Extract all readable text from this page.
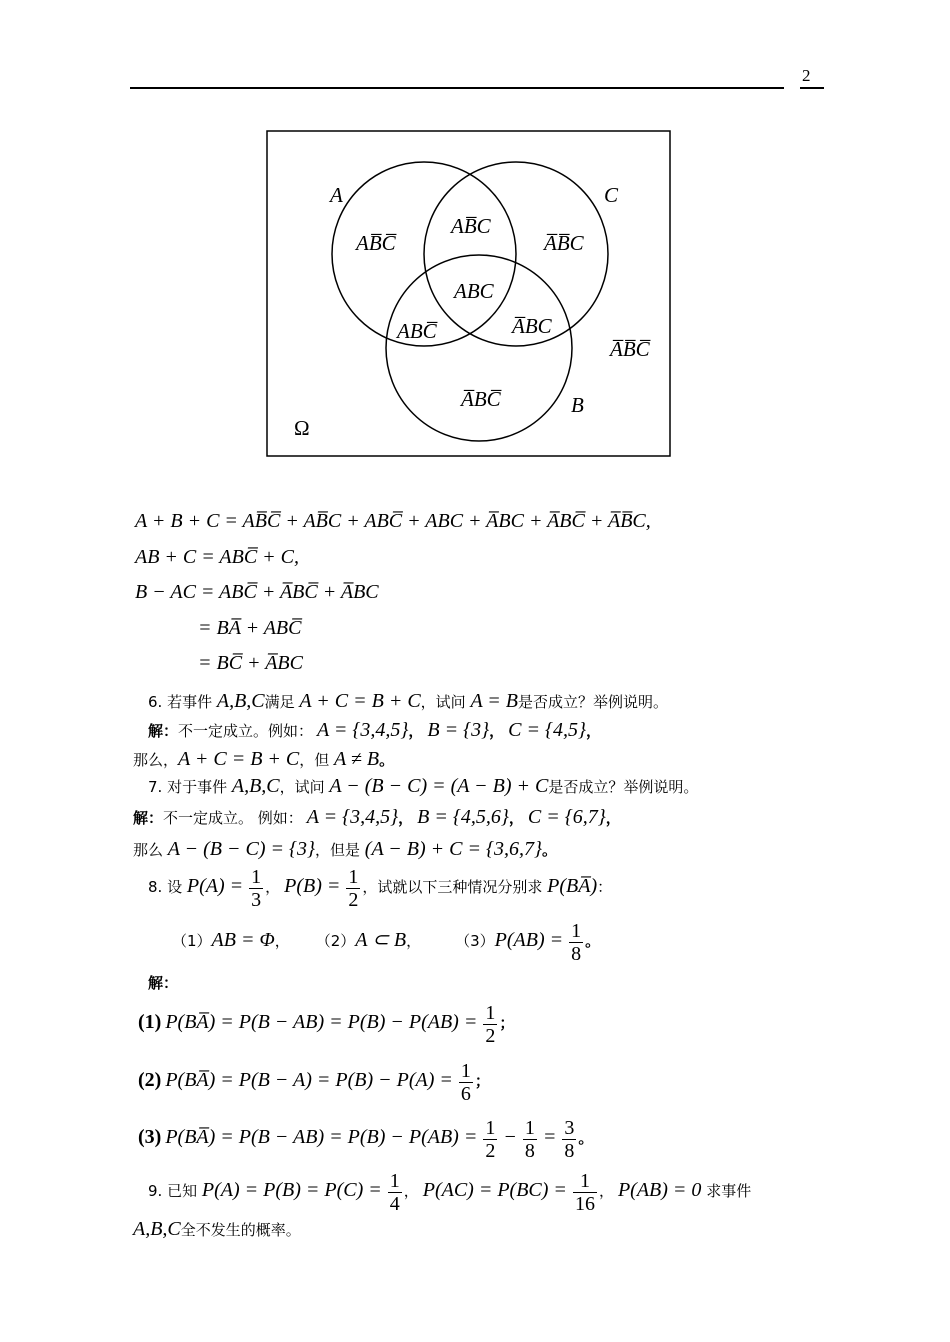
2
A	C
B
Ω
AB̅C̅
AB̅C
A̅B̅C
ABC
ABC̅	A̅BC
A̅BC̅
A̅B̅C̅
A + B + C = AB̅C̅ + AB̅C + ABC̅ + ABC + A̅BC + A̅BC̅ + A̅B̅C,
AB + C = ABC̅ + C,
B − AC = ABC̅ + A̅BC̅ + A̅BC
= BA̅ + ABC̅
= BC̅ + A̅BC
6. 若事件 A,B,C满足 A + C = B + C，试问 A = B是否成立？举例说明。
解：不一定成立。例如： A = {3,4,5}， B = {3}， C = {4,5}，
那么，A + C = B + C，但 A ≠ B。
7. 对于事件 A,B,C，试问 A − (B − C) = (A − B) + C是否成立？举例说明。
解：不一定成立。 例如： A = {3,4,5}， B = {4,5,6}， C = {6,7}，
那么 A − (B − C) = {3}，但是 (A − B) + C = {3,6,7}。
8. 设 $P(A) = \frac{1}{3}$ ， $P(B) = \frac{1}{2}$ ，试就以下三种情况分别求 P(BA̅)：
（1）AB = Φ， （2）A ⊂ B， $(3)P(AB) = \frac{1}{8}$ 。
解：
(1) P(BA̅) = $P(B - AB) = P(B) - P(AB) = \frac{1}{2}$ ；
(2) P(BA̅) = $P(B - A) = P(B) - P(A) = \frac{1}{6}$ ；
(3) P(BA̅) = $P(B - AB) = P(B) - P(AB) = \frac{1}{2} - \frac{1}{8} = \frac{3}{8}$ 。
9. 已知 $P(A) = P(B) = P(C) = \frac{1}{4}$ ， $P(AC) = P(BC) = \frac{1}{16}$ ， P(AB) = 0 求事件
A,B,C全不发生的概率。
